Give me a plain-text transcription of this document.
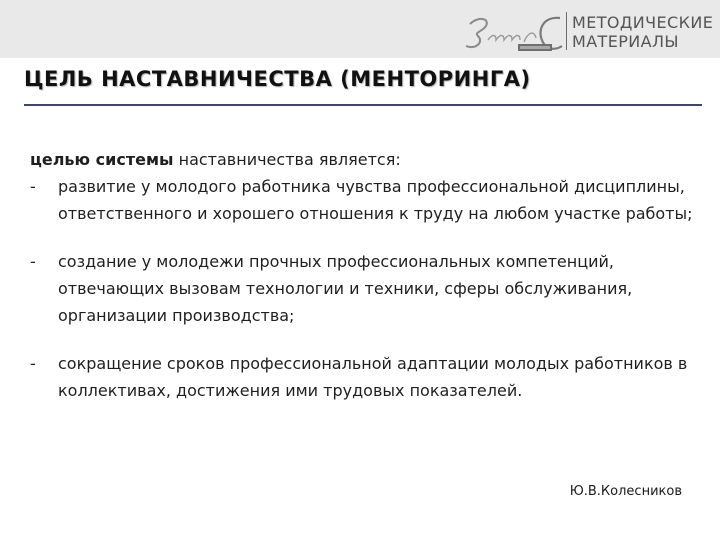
МЕТОДИЧЕСКИЕ
МАТЕРИАЛЫ
ЦЕЛЬ НАСТАВНИЧЕСТВА (МЕНТОРИНГА)
целью системы наставничества является:
- развитие у молодого работника чувства профессиональной дисциплины, ответственного и хорошего отношения к труду на любом участке работы;
- создание у молодежи прочных профессиональных компетенций, отвечающих вызовам технологии и техники, сферы обслуживания, организации производства;
- сокращение сроков профессиональной адаптации молодых работников в коллективах, достижения ими трудовых показателей.
Ю.В.Колесников
